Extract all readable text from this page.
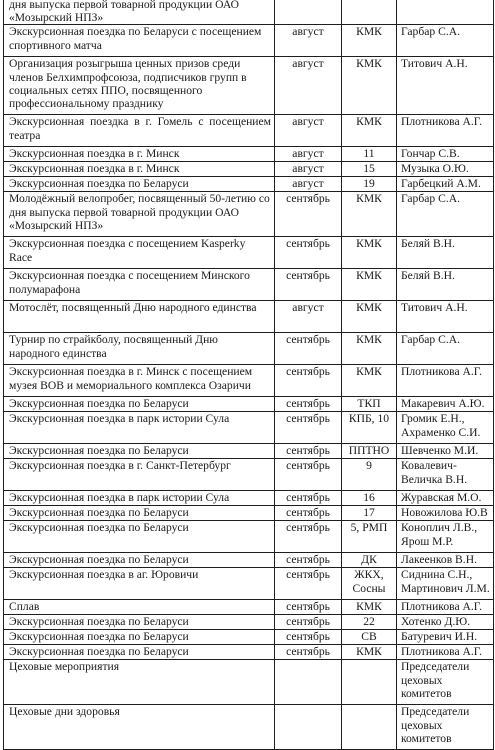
дня выпуска первой товарной продукции ОАО «Мозырский НПЗ»			
Экскурсионная поездка по Беларуси с посещением спортивного матча	август	КМК	Гарбар С.А.
Организация розыгрыша ценных призов среди членов Белхимпрофсоюза, подписчиков групп в социальных сетях ППО, посвященного профессиональному празднику	август	КМК	Титович А.Н.
Экскурсионная поездка в г. Гомель с посещением театра	август	КМК	Плотникова А.Г.
Экскурсионная поездка в г. Минск	август	11	Гончар С.В.
Экскурсионная поездка в г. Минск	август	15	Музыка О.Ю.
Экскурсионная поездка по Беларуси	август	19	Гарбецкий А.М.
Молодёжный велопробег, посвященный 50-летию со дня выпуска первой товарной продукции ОАО «Мозырский НПЗ»	сентябрь	КМК	Гарбар С.А.
Экскурсионная поездка с посещением Kasperky Race	сентябрь	КМК	Беляй В.Н.
Экскурсионная поездка с посещением Минского полумарафона	сентябрь	КМК	Беляй В.Н.
Мотослёт, посвященный Дню народного единства	август	КМК	Титович А.Н.
Турнир по страйкболу, посвященный Дню народного единства	сентябрь	КМК	Гарбар С.А.
Экскурсионная поездка в г. Минск с посещением музея ВОВ и мемориального комплекса Озаричи	сентябрь	КМК	Плотникова А.Г.
Экскурсионная поездка по Беларуси	сентябрь	ТКП	Макаревич А.Ю.
Экскурсионная поездка в парк истории Сула	сентябрь	КПБ, 10	Громик Е.Н., Ахраменко С.И.
Экскурсионная поездка по Беларуси	сентябрь	ППТНО	Шевченко М.И.
Экскурсионная поездка в г. Санкт-Петербург	сентябрь	9	Ковалевич-Величка В.Н.
Экскурсионная поездка в парк истории Сула	сентябрь	16	Журавская М.О.
Экскурсионная поездка по Беларуси	сентябрь	17	Новожилова Ю.В
Экскурсионная поездка по Беларуси	сентябрь	5, РМП	Коноплич Л.В., Ярош М.Р.
Экскурсионная поездка по Беларуси	сентябрь	ДК	Лакеенков В.Н.
Экскурсионная поездка в аг. Юровичи	сентябрь	ЖКХ, Сосны	Сиднина С.Н., Мартинович Л.М.
Сплав	сентябрь	КМК	Плотникова А.Г.
Экскурсионная поездка по Беларуси	сентябрь	22	Хотенко Д.Ю.
Экскурсионная поездка по Беларуси	сентябрь	СВ	Батуревич И.Н.
Экскурсионная поездка по Беларуси	сентябрь	КМК	Плотникова А.Г.
Цеховые мероприятия			Председатели цеховых комитетов
Цеховые дни здоровья			Председатели цеховых комитетов
